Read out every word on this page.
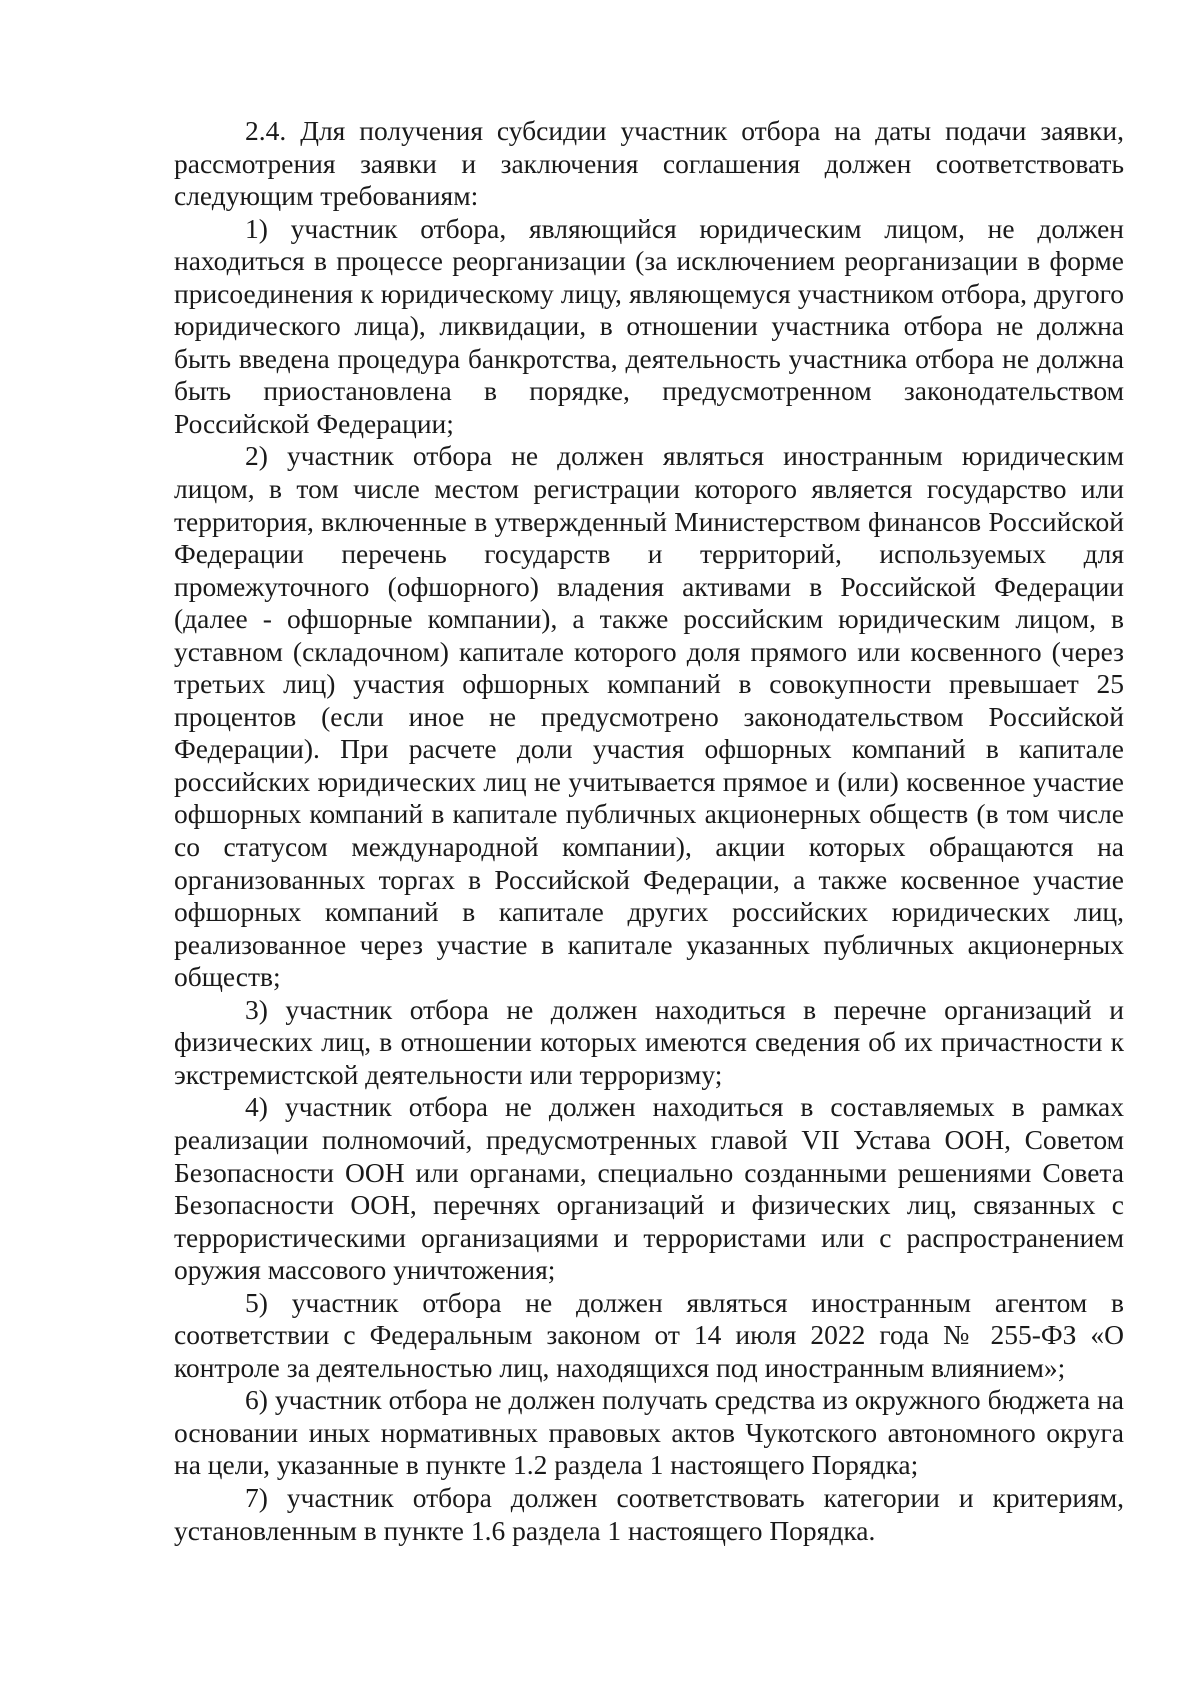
2.4. Для получения субсидии участник отбора на даты подачи заявки, рассмотрения заявки и заключения соглашения должен соответствовать следующим требованиям:

1) участник отбора, являющийся юридическим лицом, не должен находиться в процессе реорганизации (за исключением реорганизации в форме присоединения к юридическому лицу, являющемуся участником отбора, другого юридического лица), ликвидации, в отношении участника отбора не должна быть введена процедура банкротства, деятельность участника отбора не должна быть приостановлена в порядке, предусмотренном законодательством Российской Федерации;

2) участник отбора не должен являться иностранным юридическим лицом, в том числе местом регистрации которого является государство или территория, включенные в утвержденный Министерством финансов Российской Федерации перечень государств и территорий, используемых для промежуточного (офшорного) владения активами в Российской Федерации (далее - офшорные компании), а также российским юридическим лицом, в уставном (складочном) капитале которого доля прямого или косвенного (через третьих лиц) участия офшорных компаний в совокупности превышает 25 процентов (если иное не предусмотрено законодательством Российской Федерации). При расчете доли участия офшорных компаний в капитале российских юридических лиц не учитывается прямое и (или) косвенное участие офшорных компаний в капитале публичных акционерных обществ (в том числе со статусом международной компании), акции которых обращаются на организованных торгах в Российской Федерации, а также косвенное участие офшорных компаний в капитале других российских юридических лиц, реализованное через участие в капитале указанных публичных акционерных обществ;

3) участник отбора не должен находиться в перечне организаций и физических лиц, в отношении которых имеются сведения об их причастности к экстремистской деятельности или терроризму;

4) участник отбора не должен находиться в составляемых в рамках реализации полномочий, предусмотренных главой VII Устава ООН, Советом Безопасности ООН или органами, специально созданными решениями Совета Безопасности ООН, перечнях организаций и физических лиц, связанных с террористическими организациями и террористами или с распространением оружия массового уничтожения;

5) участник отбора не должен являться иностранным агентом в соответствии с Федеральным законом от 14 июля 2022 года № 255-ФЗ «О контроле за деятельностью лиц, находящихся под иностранным влиянием»;

6) участник отбора не должен получать средства из окружного бюджета на основании иных нормативных правовых актов Чукотского автономного округа на цели, указанные в пункте 1.2 раздела 1 настоящего Порядка;

7) участник отбора должен соответствовать категории и критериям, установленным в пункте 1.6 раздела 1 настоящего Порядка.
